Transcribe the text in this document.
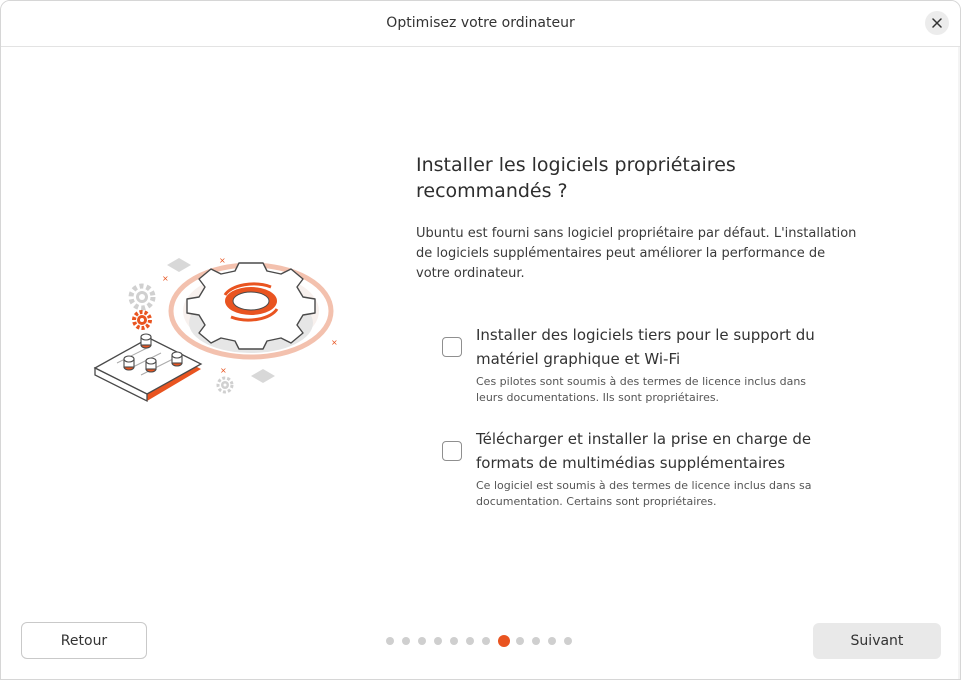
Optimisez votre ordinateur
×
×
×
×
Installer les logiciels propriétaires
recommandés ?
Ubuntu est fourni sans logiciel propriétaire par défaut. L'installation
de logiciels supplémentaires peut améliorer la performance de
votre ordinateur.
Installer des logiciels tiers pour le support du
matériel graphique et Wi-Fi
Ces pilotes sont soumis à des termes de licence inclus dans
leurs documentations. Ils sont propriétaires.
Télécharger et installer la prise en charge de
formats de multimédias supplémentaires
Ce logiciel est soumis à des termes de licence inclus dans sa
documentation. Certains sont propriétaires.
Retour	Suivant
